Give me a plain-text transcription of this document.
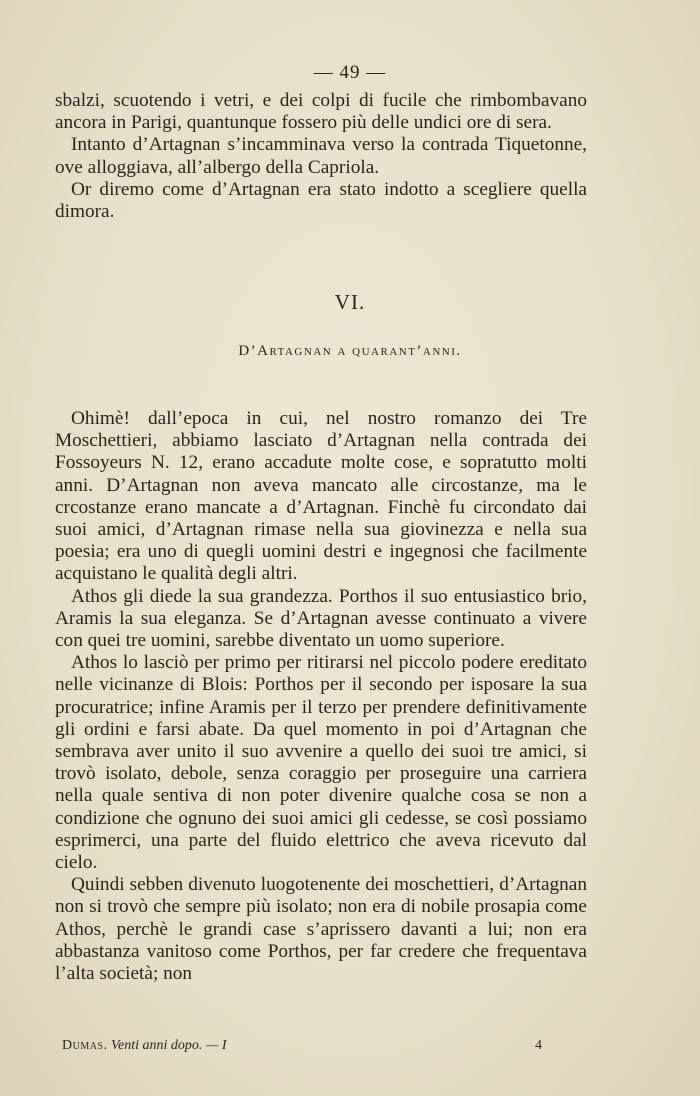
— 49 —

sbalzi, scuotendo i vetri, e dei colpi di fucile che rimbombavano ancora in Parigi, quantunque fossero più delle undici ore di sera.

Intanto d’Artagnan s’incamminava verso la contrada Tiquetonne, ove alloggiava, all’albergo della Capriola.

Or diremo come d’Artagnan era stato indotto a scegliere quella dimora.

VI.
D’Artagnan a quarant’anni.

Ohimè! dall’epoca in cui, nel nostro romanzo dei Tre Moschettieri, abbiamo lasciato d’Artagnan nella contrada dei Fossoyeurs N. 12, erano accadute molte cose, e sopratutto molti anni. D’Artagnan non aveva mancato alle circostanze, ma le crcostanze erano mancate a d’Artagnan. Finchè fu circondato dai suoi amici, d’Artagnan rimase nella sua giovinezza e nella sua poesia; era uno di quegli uomini destri e ingegnosi che facilmente acquistano le qualità degli altri.

Athos gli diede la sua grandezza. Porthos il suo entusiastico brio, Aramis la sua eleganza. Se d’Artagnan avesse continuato a vivere con quei tre uomini, sarebbe diventato un uomo superiore.

Athos lo lasciò per primo per ritirarsi nel piccolo podere ereditato nelle vicinanze di Blois: Porthos per il secondo per isposare la sua procuratrice; infine Aramis per il terzo per prendere definitivamente gli ordini e farsi abate. Da quel momento in poi d’Artagnan che sembrava aver unito il suo avvenire a quello dei suoi tre amici, si trovò isolato, debole, senza coraggio per proseguire una carriera nella quale sentiva di non poter divenire qualche cosa se non a condizione che ognuno dei suoi amici gli cedesse, se così possiamo esprimerci, una parte del fluido elettrico che aveva ricevuto dal cielo.

Quindi sebben divenuto luogotenente dei moschettieri, d’Artagnan non si trovò che sempre più isolato; non era di nobile prosapia come Athos, perchè le grandi case s’aprissero davanti a lui; non era abbastanza vanitoso come Porthos, per far credere che frequentava l’alta società; non

Dumas. Venti anni dopo. — I	4
